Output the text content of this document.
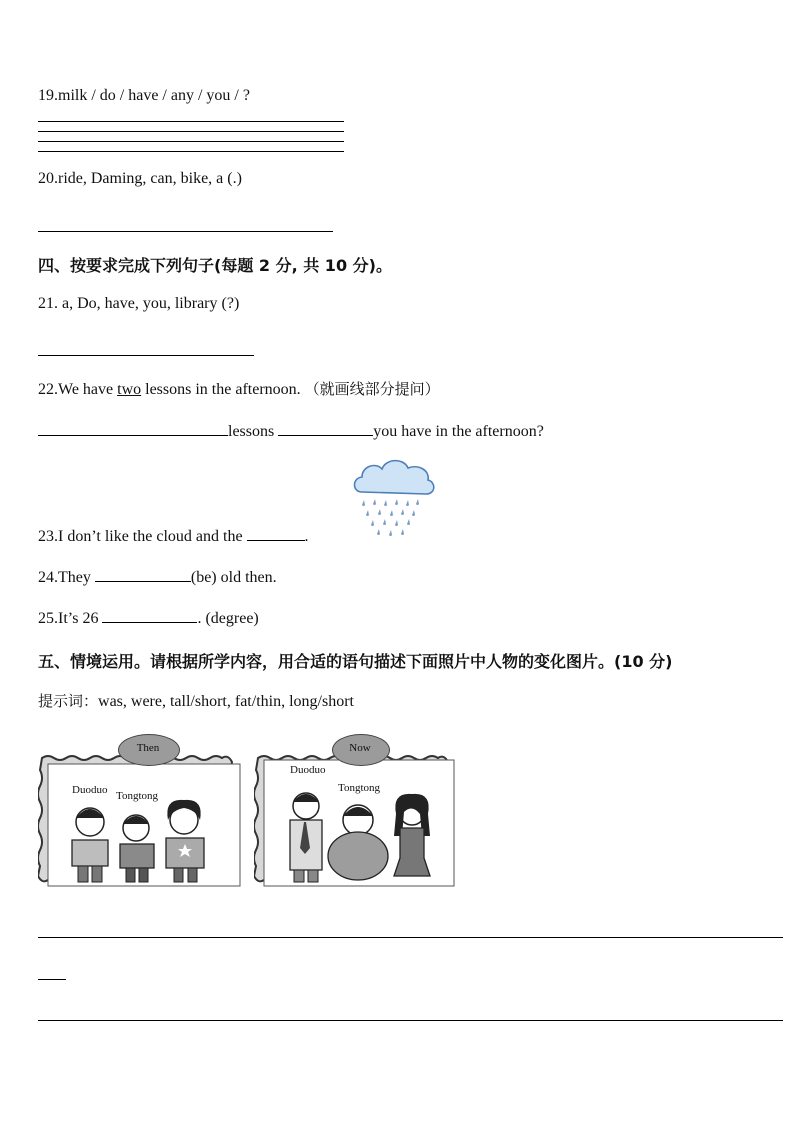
19.milk / do / have / any / you / ?
20.ride, Daming, can, bike, a (.)
四、按要求完成下列句子(每题 2 分, 共 10 分)。
21. a, Do, have, you, library (?)
22.We have two lessons in the afternoon. （就画线部分提问）
lessons	you have in the afternoon?
23.I don’t like the cloud and the	.
24.They	(be) old then.
25.It’s 26	. (degree)
五、情境运用。请根据所学内容，用合适的语句描述下面照片中人物的变化图片。(10 分)
提示词：was, were, tall/short, fat/thin, long/short
Then
Duoduo Tongtong
Now
Duoduo
Tongtong
